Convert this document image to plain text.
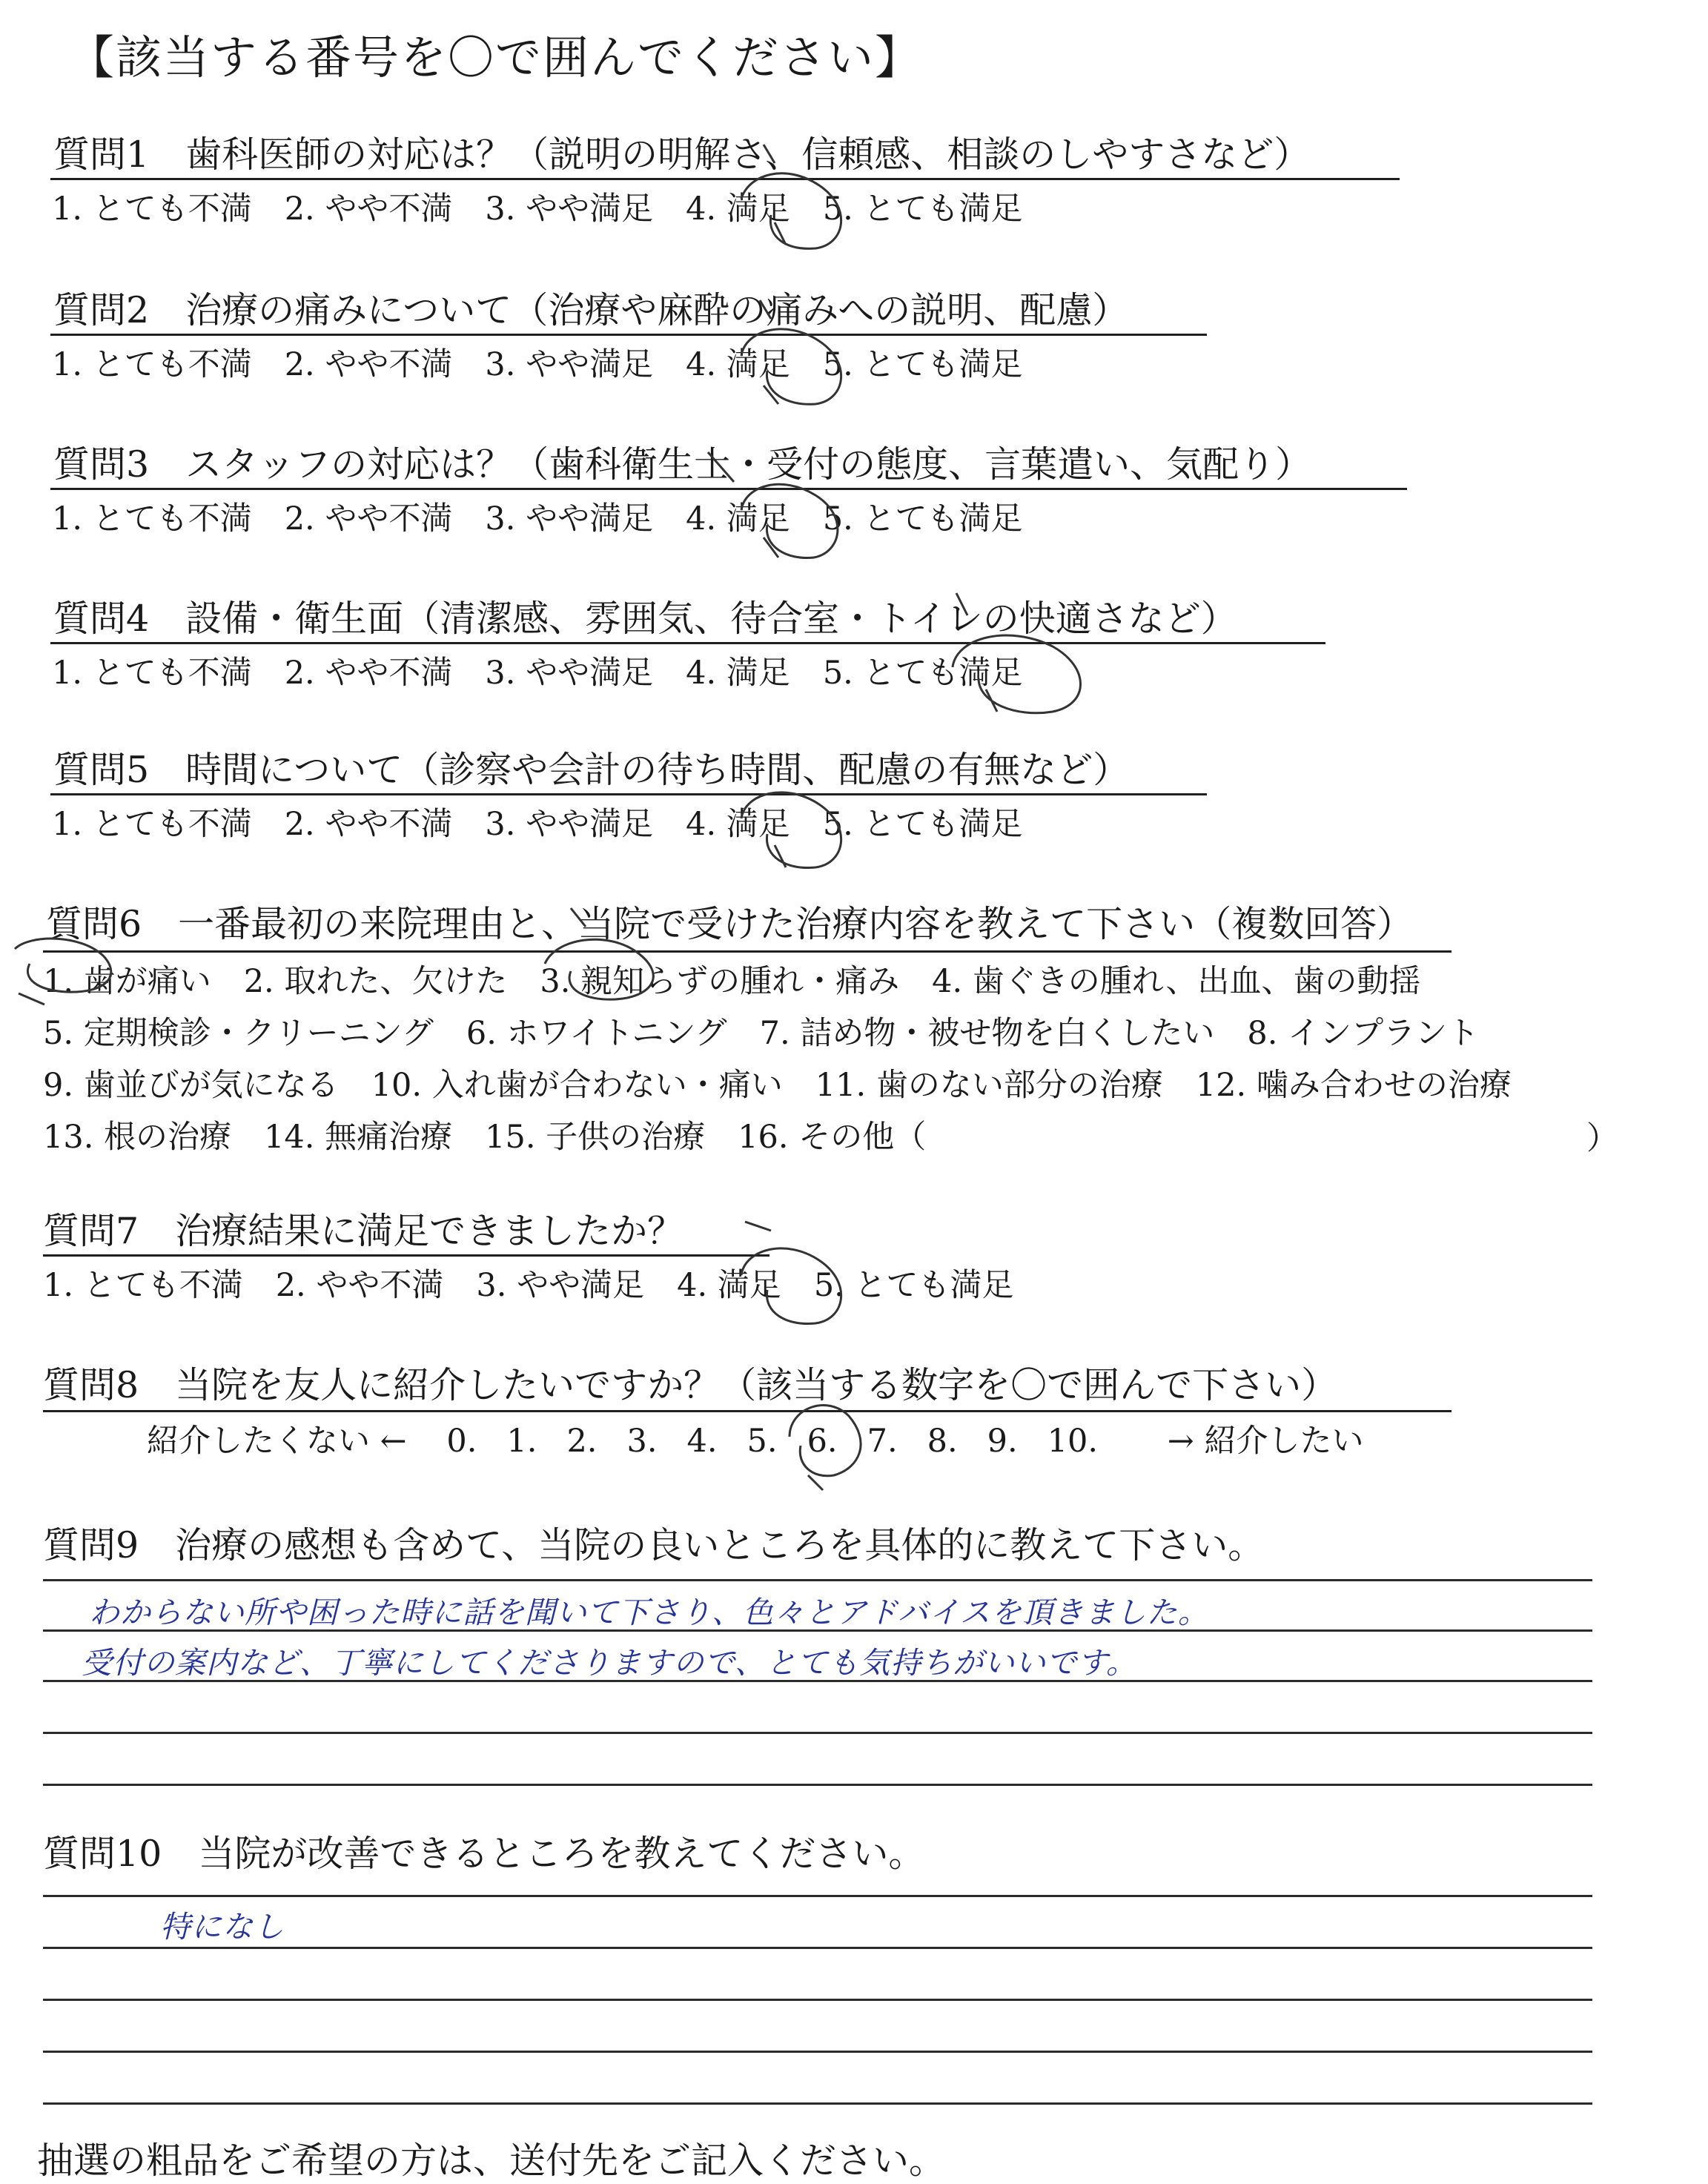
【該当する番号を〇で囲んでください】
質問1　歯科医師の対応は？（説明の明解さ、信頼感、相談のしやすさなど）
1. とても不満 2. やや不満 3. やや満足 4. 満足 5. とても満足
質問2　治療の痛みについて（治療や麻酔の痛みへの説明、配慮）
1. とても不満 2. やや不満 3. やや満足 4. 満足 5. とても満足
質問3　スタッフの対応は？（歯科衛生士・受付の態度、言葉遣い、気配り）
1. とても不満 2. やや不満 3. やや満足 4. 満足 5. とても満足
質問4　設備・衛生面（清潔感、雰囲気、待合室・トイレの快適さなど）
1. とても不満 2. やや不満 3. やや満足 4. 満足 5. とても満足
質問5　時間について（診察や会計の待ち時間、配慮の有無など）
1. とても不満 2. やや不満 3. やや満足 4. 満足 5. とても満足
質問6　一番最初の来院理由と、当院で受けた治療内容を教えて下さい（複数回答）
1. 歯が痛い 2. 取れた、欠けた 3. 親知らずの腫れ・痛み 4. 歯ぐきの腫れ、出血、歯の動揺
5. 定期検診・クリーニング 6. ホワイトニング 7. 詰め物・被せ物を白くしたい 8. インプラント
9. 歯並びが気になる 10. 入れ歯が合わない・痛い 11. 歯のない部分の治療 12. 噛み合わせの治療
13. 根の治療 14. 無痛治療 15. 子供の治療 16. その他（	）
質問7　治療結果に満足できましたか？
1. とても不満 2. やや不満 3. やや満足 4. 満足 5. とても満足
質問8　当院を友人に紹介したいですか？（該当する数字を〇で囲んで下さい）
紹介したくない ← 0. 1. 2. 3. 4. 5. 6. 7. 8. 9. 10. → 紹介したい
質問9　治療の感想も含めて、当院の良いところを具体的に教えて下さい。
わからない所や困った時に話を聞いて下さり、色々とアドバイスを頂きました。
受付の案内など、丁寧にしてくださりますので、とても気持ちがいいです。
質問10　当院が改善できるところを教えてください。
特になし
抽選の粗品をご希望の方は、送付先をご記入ください。
